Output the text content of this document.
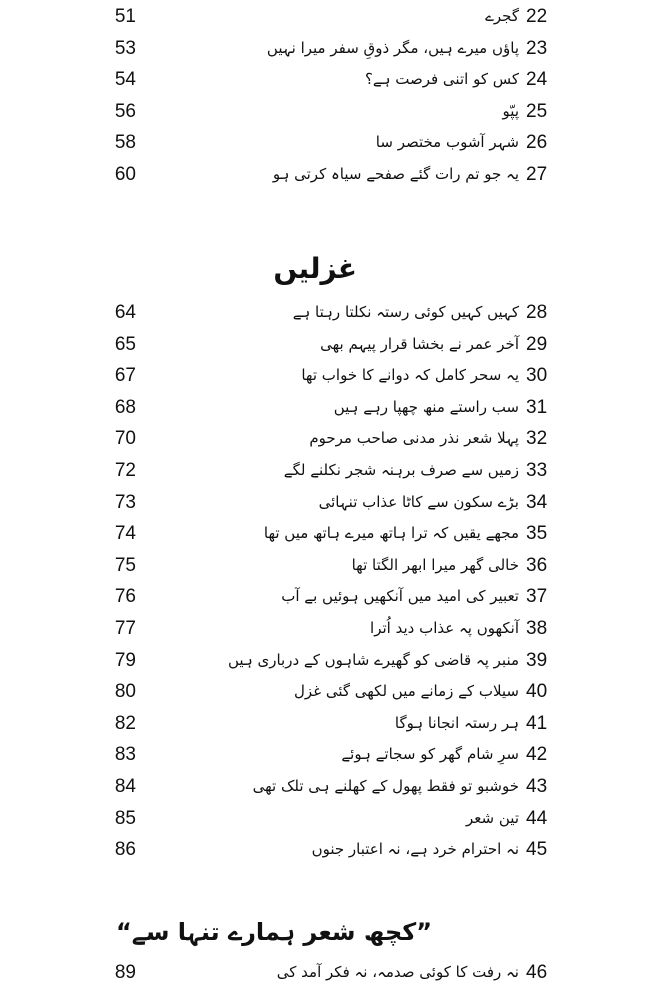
51	گجرے 22
53	پاؤں میرے ہیں، مگر ذوقِ سفر میرا نہیں 23
54	کس کو اتنی فرصت ہے؟ 24
56	پپّو 25
58	شہر آشوب مختصر سا 26
60	یہ جو تم رات گئے صفحے سیاہ کرتی ہو 27
غزلیں
64	کہیں کہیں کوئی رستہ نکلتا رہتا ہے 28
65	آخر عمر نے بخشا قرار پیہم بھی 29
67	یہ سحر کامل کہ دوانے کا خواب تھا 30
68	سب راستے منھ چھپا رہے ہیں 31
70	پہلا شعر نذر مدنی صاحب مرحوم 32
72	زمیں سے صرف برہنہ شجر نکلنے لگے 33
73	بڑے سکون سے کاٹا عذاب تنہائی 34
74	مجھے یقیں کہ ترا ہاتھ میرے ہاتھ میں تھا 35
75	خالی گھر میرا ابھر الگتا تھا 36
76	تعبیر کی امید میں آنکھیں ہوئیں بے آب 37
77	آنکھوں پہ عذاب دید اُترا 38
79	منبر پہ قاضی کو گھیرے شاہوں کے درباری ہیں 39
80	سیلاب کے زمانے میں لکھی گئی غزل 40
82	ہر رستہ انجانا ہوگا 41
83	سرِ شام گھر کو سجاتے ہوئے 42
84	خوشبو تو فقط پھول کے کھلنے ہی تلک تھی 43
85	تین شعر 44
86	نہ احترام خرد ہے، نہ اعتبار جنوں 45
”کچھ شعر ہمارے تنہا سے“
89	نہ رفت کا کوئی صدمہ، نہ فکر آمد کی 46
